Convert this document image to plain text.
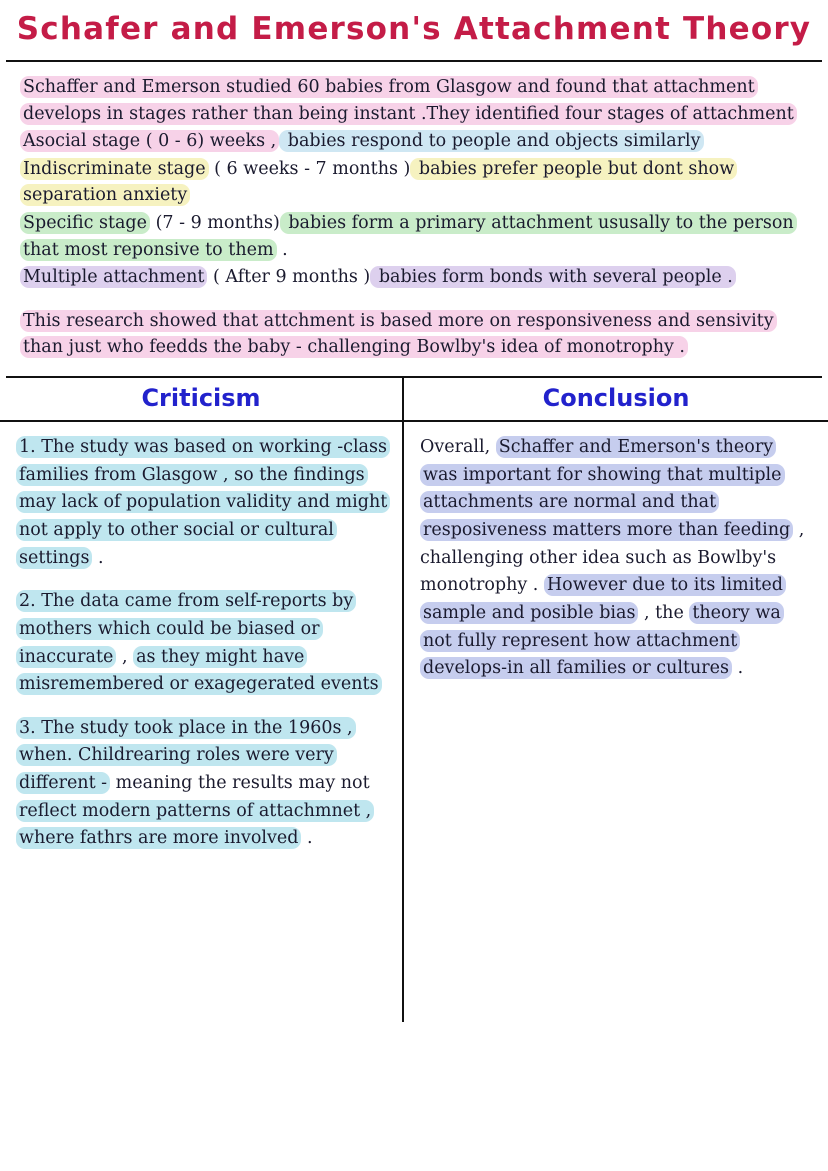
Schafer and Emerson's Attachment Theory
Schaffer and Emerson studied 60 babies from Glasgow and found that attachment develops in stages rather than being instant .They identified four stages of attachment
Asocial stage ( 0 - 6) weeks , babies respond to people and objects similarly
Indiscriminate stage ( 6 weeks - 7 months ) babies prefer people but dont show separation anxiety
Specific stage (7 - 9 months) babies form a primary attachment ususally to the person that most reponsive to them .
Multiple attachment ( After 9 months ) babies form bonds with several people .
This research showed that attchment is based more on responsiveness and sensivity than just who feedds the baby - challenging Bowlby's idea of monotrophy .
Criticism	Conclusion
1. The study was based on working -class families from Glasgow , so the findings may lack of population validity and might not apply to other social or cultural settings .
2. The data came from self-reports by mothers which could be biased or inaccurate , as they might have misremembered or exagegerated events
3. The study took place in the 1960s , when. Childrearing roles were very different - meaning the results may not reflect modern patterns of attachmnet , where fathrs are more involved .
Overall, Schaffer and Emerson's theory was important for showing that multiple attachments are normal and that resposiveness matters more than feeding , challenging other idea such as Bowlby's monotrophy . However due to its limited sample and posible bias , the theory wa not fully represent how attachment develops-in all families or cultures .
